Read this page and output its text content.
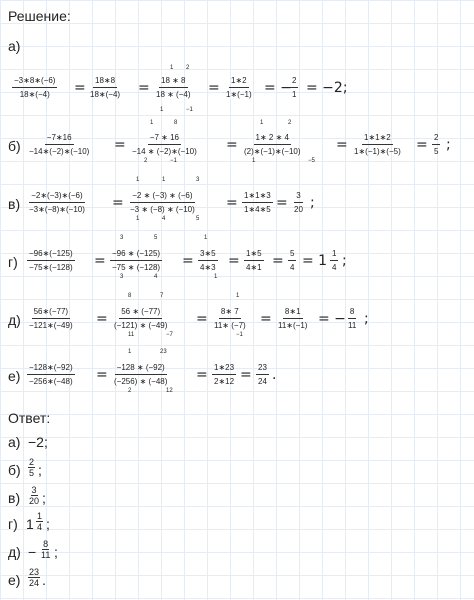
Решение:
а)
$\frac{-3∗8∗(-6)}{18∗(-4)} = \frac{18∗8}{18∗(-4)}$ =
1 2
$\frac{18 ∗ 8}{18 ∗ (-4)}$
1	−1
= $\frac{1∗2}{1∗(-1)}$ = −
$\frac{2}{1} = -2$;
$б) \frac{-7∗16}{-14∗(-2)∗(-10)}$ =
1	8
$\frac{-7 ∗ 16}{-14 ∗ (-2)∗(-10)}$
2	−1
=
1	2
$\frac{1∗ 2 ∗ 4}{(2)∗(-1)∗(-10)}$
1	−5
= $\frac{1∗1∗2}{1∗(-1)∗(-5)} = \frac{2}{5}$ ;
$в) \frac{-2∗(-3)∗(-6)}{-3∗(-8)∗(-10)}$ =
1	1	3
$\frac{-2 ∗ (-3) ∗ (-6)}{-3 ∗ (-8) ∗ (-10)}$
1	4	5
= $\frac{1∗1∗3}{1∗4∗5} = \frac{3}{20}$ ;
$г) \frac{-96∗(-125)}{-75∗(-128)}$ =
3	5
$\frac{-96 ∗ (-125)}{-75 ∗ (-128)}$
3	4
=
1
$\frac{3∗5}{4∗3}$
1
= $\frac{1∗5}{4∗1} = \frac{5}{4} = 1 \frac{1}{4}$ ;
$д) \frac{56∗(-77)}{-121∗(-49)}$ =
8	7
$\frac{56 ∗ (-77)}{(-121) ∗ (-49)}$
11	−7
=
1
$\frac{8∗ 7}{11∗ (-7)}$
−1
= $\frac{8∗1}{11∗(-1)}$ = − $\frac{8}{11}$ ;
$е) \frac{-128∗(-92)}{-256∗(-48)}$ =
1	23
$\frac{-128 ∗ (-92)}{(-256) ∗ (-48)}$
2	12
= $\frac{1∗23}{2∗12} = \frac{23}{24}$ .
Ответ:
а) −2;
$б) \frac{2}{5}$ ;
$в) \frac{3}{20}$ ;
г) $1 \frac{1}{4}$ ;
$д) - \frac{8}{11}$ ;
$е) \frac{23}{24}$ .
